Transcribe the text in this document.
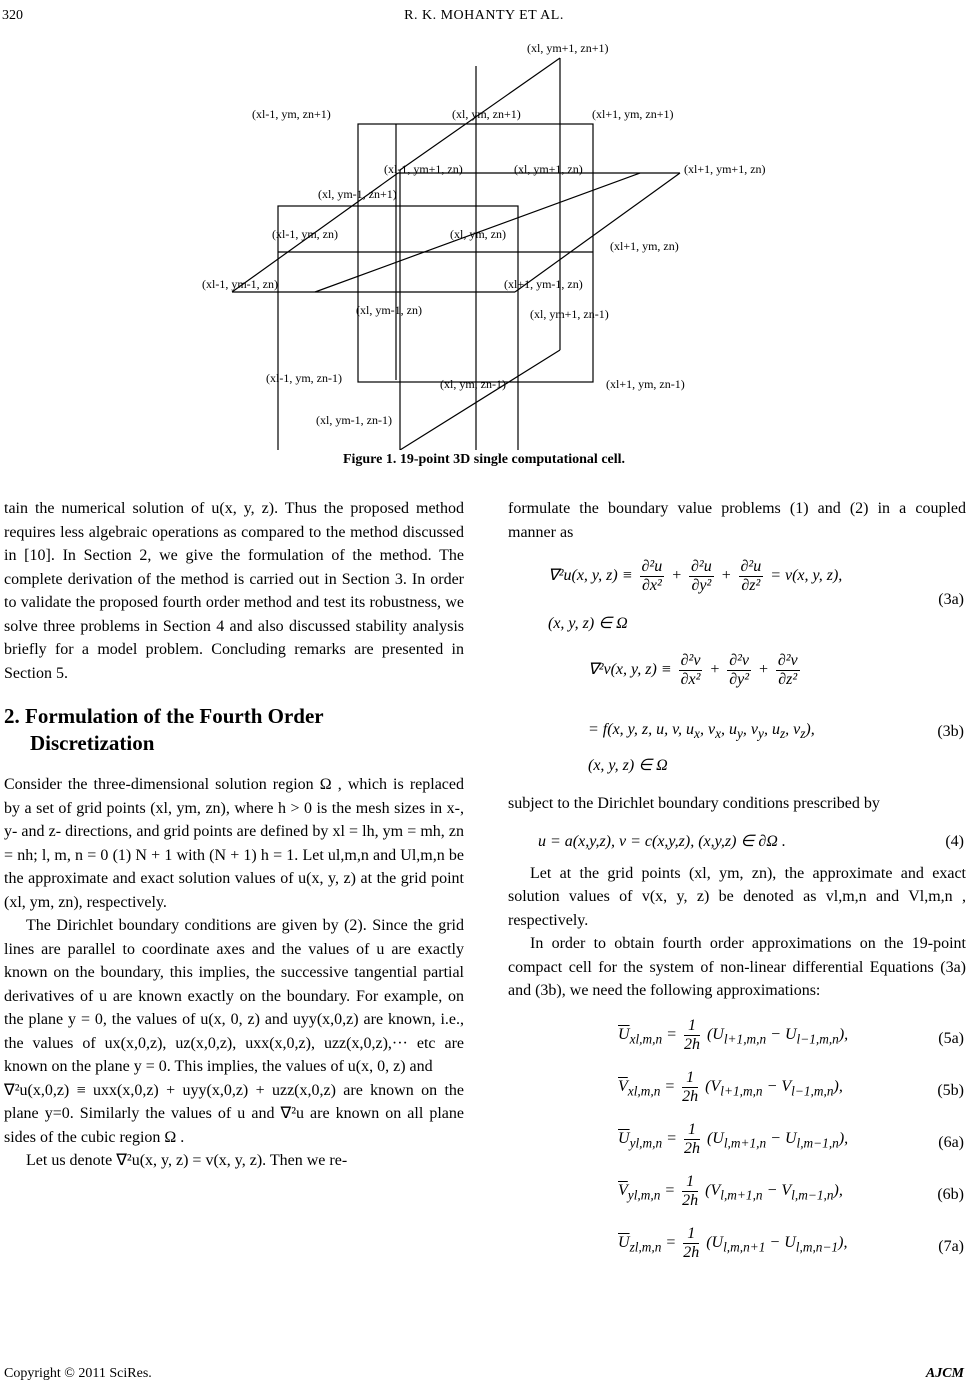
320	R. K. MOHANTY ET AL.
(xl, ym+1, zn+1)
(xl-1, ym, zn+1)	(xl, ym, zn+1)	(xl+1, ym, zn+1)
(xl-1, ym+1, zn)	(xl, ym+1, zn)	(xl+1, ym+1, zn)
(xl, ym-1, zn+1)
(xl-1, ym, zn)	(xl, ym, zn)
(xl+1, ym, zn)
(xl-1, ym-1, zn)	(xl+1, ym-1, zn)
(xl, ym-1, zn)	(xl, ym+1, zn-1)
(xl-1, ym, zn-1)	(xl, ym, zn-1)	(xl+1, ym, zn-1)
(xl, ym-1, zn-1)
Figure 1. 19-point 3D single computational cell.

tain the numerical solution of u(x, y, z). Thus the proposed method requires less algebraic operations as compared to the method discussed in [10]. In Section 2, we give the formulation of the method. The complete derivation of the method is carried out in Section 3. In order to validate the proposed fourth order method and test its robustness, we solve three problems in Section 4 and also discussed stability analysis briefly for a model problem. Concluding remarks are presented in Section 5.

2. Formulation of the Fourth Order
Discretization

Consider the three-dimensional solution region Ω , which is replaced by a set of grid points (xl, ym, zn), where h > 0 is the mesh sizes in x-, y- and z- directions, and grid points are defined by xl = lh, ym = mh, zn = nh; l, m, n = 0 (1) N + 1 with (N + 1) h = 1. Let ul,m,n and Ul,m,n be the approximate and exact solution values of u(x, y, z) at the grid point (xl, ym, zn), respectively.

The Dirichlet boundary conditions are given by (2). Since the grid lines are parallel to coordinate axes and the values of u are exactly known on the boundary, this implies, the successive tangential partial derivatives of u are known exactly on the boundary. For example, on the plane y = 0, the values of u(x, 0, z) and uyy(x,0,z) are known, i.e., the values of ux(x,0,z), uz(x,0,z), uxx(x,0,z), uzz(x,0,z),··· etc are known on the plane y = 0. This implies, the values of u(x, 0, z) and

∇²u(x,0,z) ≡ uxx(x,0,z) + uyy(x,0,z) + uzz(x,0,z) are known on the plane y=0. Similarly the values of u and ∇²u are known on all plane sides of the cubic region Ω .

Let us denote ∇²u(x, y, z) = v(x, y, z). Then we re-

formulate the boundary value problems (1) and (2) in a coupled manner as

∇²u(x, y, $z) \equiv \frac{\text{∂²u}}{\text{∂x²}} + \frac{\text{∂²u}}{\text{∂y²}} + \frac{\text{∂²u}}{\text{∂z²}} = v(x$, y, z),
(x, y, z) ∈ Ω
(3a)
∇²v(x, y, $z) \equiv \frac{\text{∂²v}}{\text{∂x²}} + \frac{\text{∂²v}}{\text{∂y²}} + \frac{\text{∂²v}}{\text{∂z²}}$
= f(x, y, z, u, v, $u_x$, $v_x$, $u_y$, $v_y$, $u_z$, $v_z$),
(x, y, z) ∈ Ω
(3b)

subject to the Dirichlet boundary conditions prescribed by

u = a(x,y,z), v = c(x,y,z), (x,y,z) ∈ ∂Ω .	(4)

Let at the grid points (xl, ym, zn), the approximate and exact solution values of v(x, y, z) be denoted as vl,m,n and Vl,m,n , respectively.

In order to obtain fourth order approximations on the 19-point compact cell for the system of non-linear differential Equations (3a) and (3b), we need the following approximations:

$\overline{U}_{xl,m,n} = \frac{1}{2h} (U_{l+1,m,n} - U_{l-1,m,n})$,	(5a)
$\overline{V}_{xl,m,n} = \frac{1}{2h} (V_{l+1,m,n} - V_{l-1,m,n})$,	(5b)
$\overline{U}_{yl,m,n} = \frac{1}{2h} (U_{l,m+1,n} - U_{l,m-1,n})$,	(6a)
$\overline{V}_{yl,m,n} = \frac{1}{2h} (V_{l,m+1,n} - V_{l,m-1,n})$,	(6b)
$\overline{U}_{zl,m,n} = \frac{1}{2h} (U_{l,m,n+1} - U_{l,m,n-1})$,	(7a)
Copyright © 2011 SciRes.	AJCM
